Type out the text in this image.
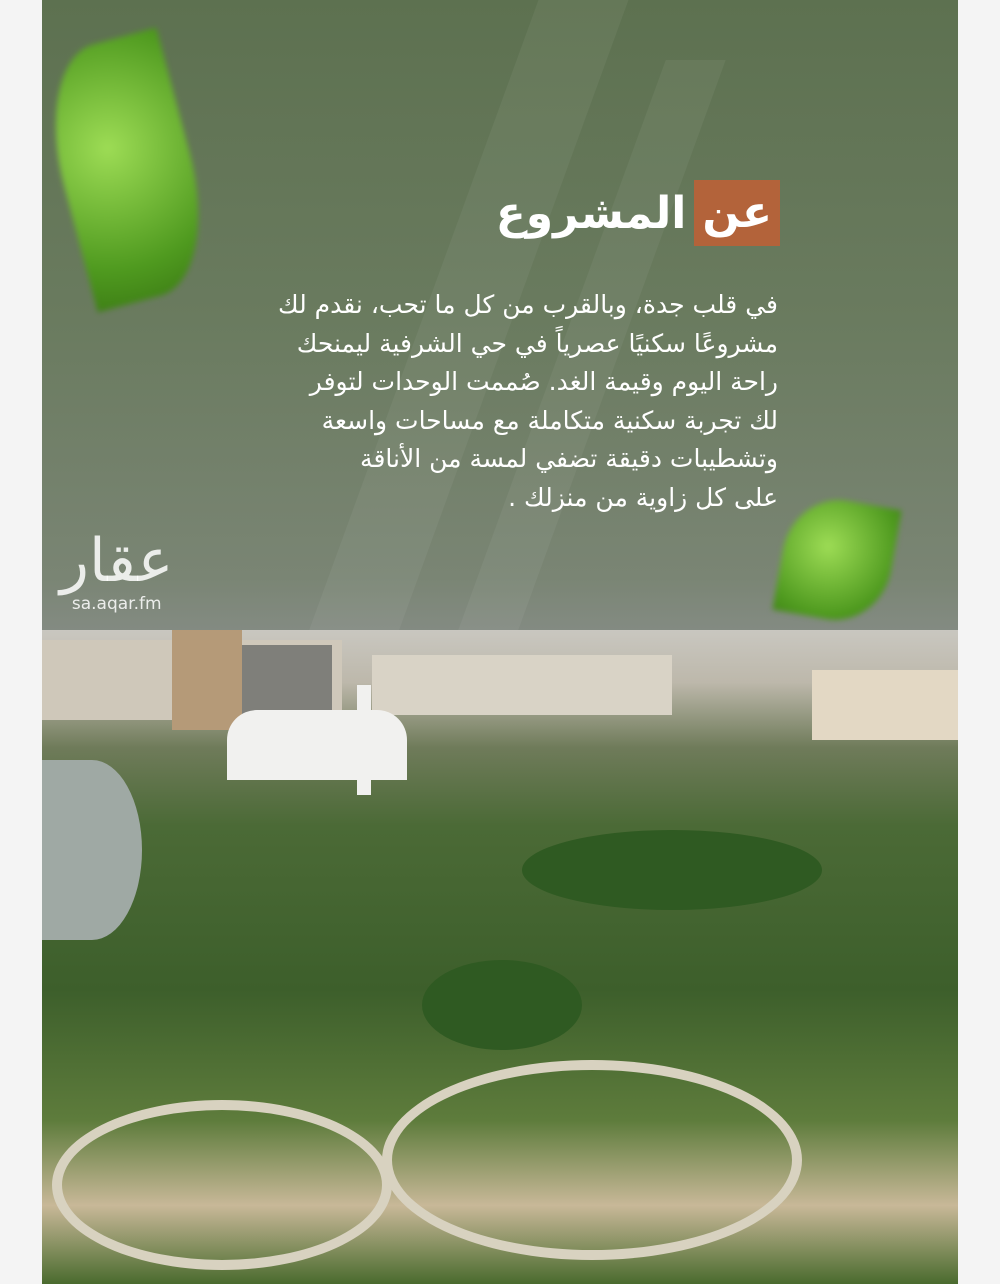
عن
المشروع
في قلب جدة، وبالقرب من كل ما تحب، نقدم لك
مشروعًا سكنيًا عصرياً في حي الشرفية ليمنحك
راحة اليوم وقيمة الغد. صُممت الوحدات لتوفر
لك تجربة سكنية متكاملة مع مساحات واسعة
وتشطيبات دقيقة تضفي لمسة من الأناقة
على كل زاوية من منزلك .
عقار
sa.aqar.fm
